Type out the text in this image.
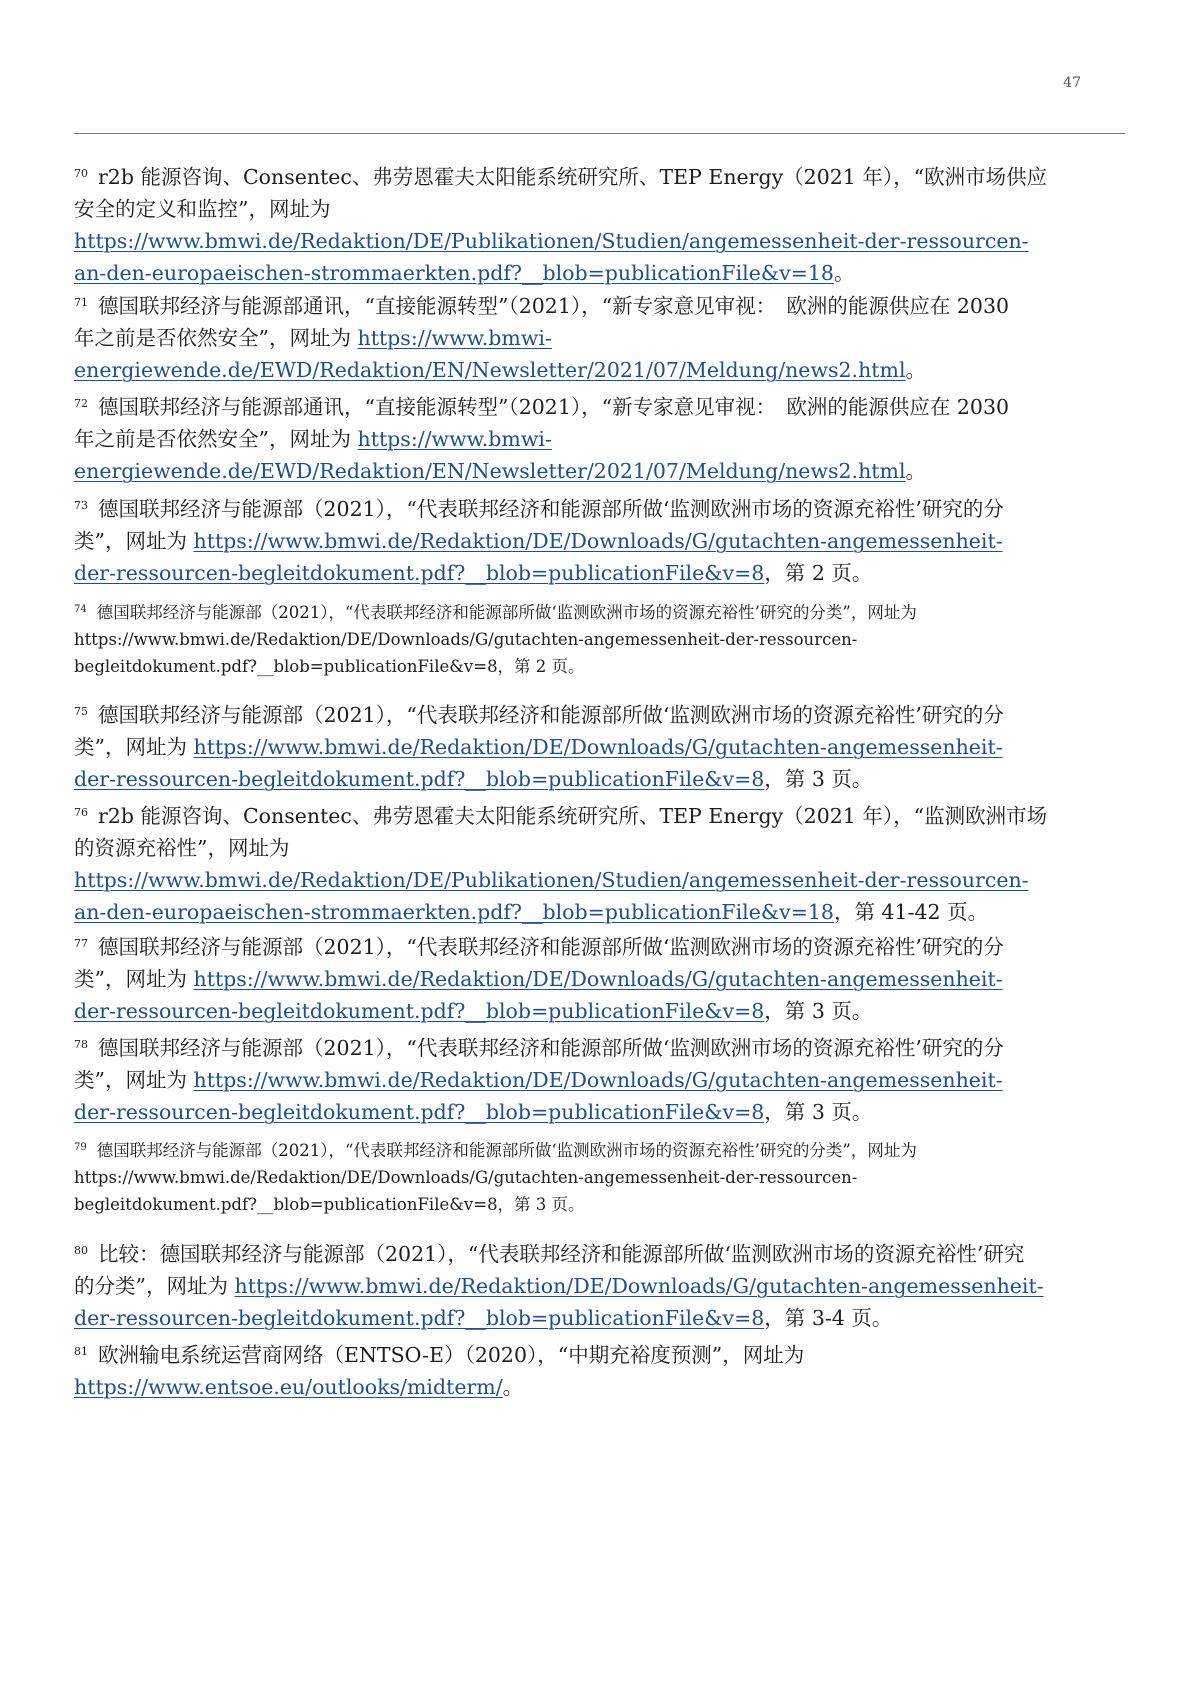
47
$^{70}$ r2b 能源咨询、Consentec、弗劳恩霍夫太阳能系统研究所、TEP Energy（2021 年），“欧洲市场供应
安全的定义和监控”，网址为
https://www.bmwi.de/Redaktion/DE/Publikationen/Studien/angemessenheit-der-ressourcen-
an-den-europaeischen-strommaerkten.pdf?__blob=publicationFile&v=18。
$^{71}$ 德国联邦经济与能源部通讯，“直接能源转型”（2021），“新专家意见审视：　欧洲的能源供应在 2030
年之前是否依然安全”，网址为 https://www.bmwi-
energiewende.de/EWD/Redaktion/EN/Newsletter/2021/07/Meldung/news2.html。
$^{72}$ 德国联邦经济与能源部通讯，“直接能源转型”（2021），“新专家意见审视：　欧洲的能源供应在 2030
年之前是否依然安全”，网址为 https://www.bmwi-
energiewende.de/EWD/Redaktion/EN/Newsletter/2021/07/Meldung/news2.html。
$^{73}$ 德国联邦经济与能源部（2021），“代表联邦经济和能源部所做‘监测欧洲市场的资源充裕性’研究的分
类”，网址为 https://www.bmwi.de/Redaktion/DE/Downloads/G/gutachten-angemessenheit-
der-ressourcen-begleitdokument.pdf?__blob=publicationFile&v=8，第 2 页。
$^{74}$ 德国联邦经济与能源部（2021），“代表联邦经济和能源部所做‘监测欧洲市场的资源充裕性’研究的分类”，网址为
https://www.bmwi.de/Redaktion/DE/Downloads/G/gutachten-angemessenheit-der-ressourcen-
begleitdokument.pdf?__blob=publicationFile&v=8，第 2 页。
$^{75}$ 德国联邦经济与能源部（2021），“代表联邦经济和能源部所做‘监测欧洲市场的资源充裕性’研究的分
类”，网址为 https://www.bmwi.de/Redaktion/DE/Downloads/G/gutachten-angemessenheit-
der-ressourcen-begleitdokument.pdf?__blob=publicationFile&v=8，第 3 页。
$^{76}$ r2b 能源咨询、Consentec、弗劳恩霍夫太阳能系统研究所、TEP Energy（2021 年），“监测欧洲市场
的资源充裕性”，网址为
https://www.bmwi.de/Redaktion/DE/Publikationen/Studien/angemessenheit-der-ressourcen-
an-den-europaeischen-strommaerkten.pdf?__blob=publicationFile&v=18，第 41-42 页。
$^{77}$ 德国联邦经济与能源部（2021），“代表联邦经济和能源部所做‘监测欧洲市场的资源充裕性’研究的分
类”，网址为 https://www.bmwi.de/Redaktion/DE/Downloads/G/gutachten-angemessenheit-
der-ressourcen-begleitdokument.pdf?__blob=publicationFile&v=8，第 3 页。
$^{78}$ 德国联邦经济与能源部（2021），“代表联邦经济和能源部所做‘监测欧洲市场的资源充裕性’研究的分
类”，网址为 https://www.bmwi.de/Redaktion/DE/Downloads/G/gutachten-angemessenheit-
der-ressourcen-begleitdokument.pdf?__blob=publicationFile&v=8，第 3 页。
$^{79}$ 德国联邦经济与能源部（2021），“代表联邦经济和能源部所做‘监测欧洲市场的资源充裕性’研究的分类”，网址为
https://www.bmwi.de/Redaktion/DE/Downloads/G/gutachten-angemessenheit-der-ressourcen-
begleitdokument.pdf?__blob=publicationFile&v=8，第 3 页。
$^{80}$ 比较：德国联邦经济与能源部（2021），“代表联邦经济和能源部所做‘监测欧洲市场的资源充裕性’研究
的分类”，网址为 https://www.bmwi.de/Redaktion/DE/Downloads/G/gutachten-angemessenheit-
der-ressourcen-begleitdokument.pdf?__blob=publicationFile&v=8，第 3-4 页。
$^{81}$ 欧洲输电系统运营商网络（ENTSO-E）（2020），“中期充裕度预测”，网址为
https://www.entsoe.eu/outlooks/midterm/。
